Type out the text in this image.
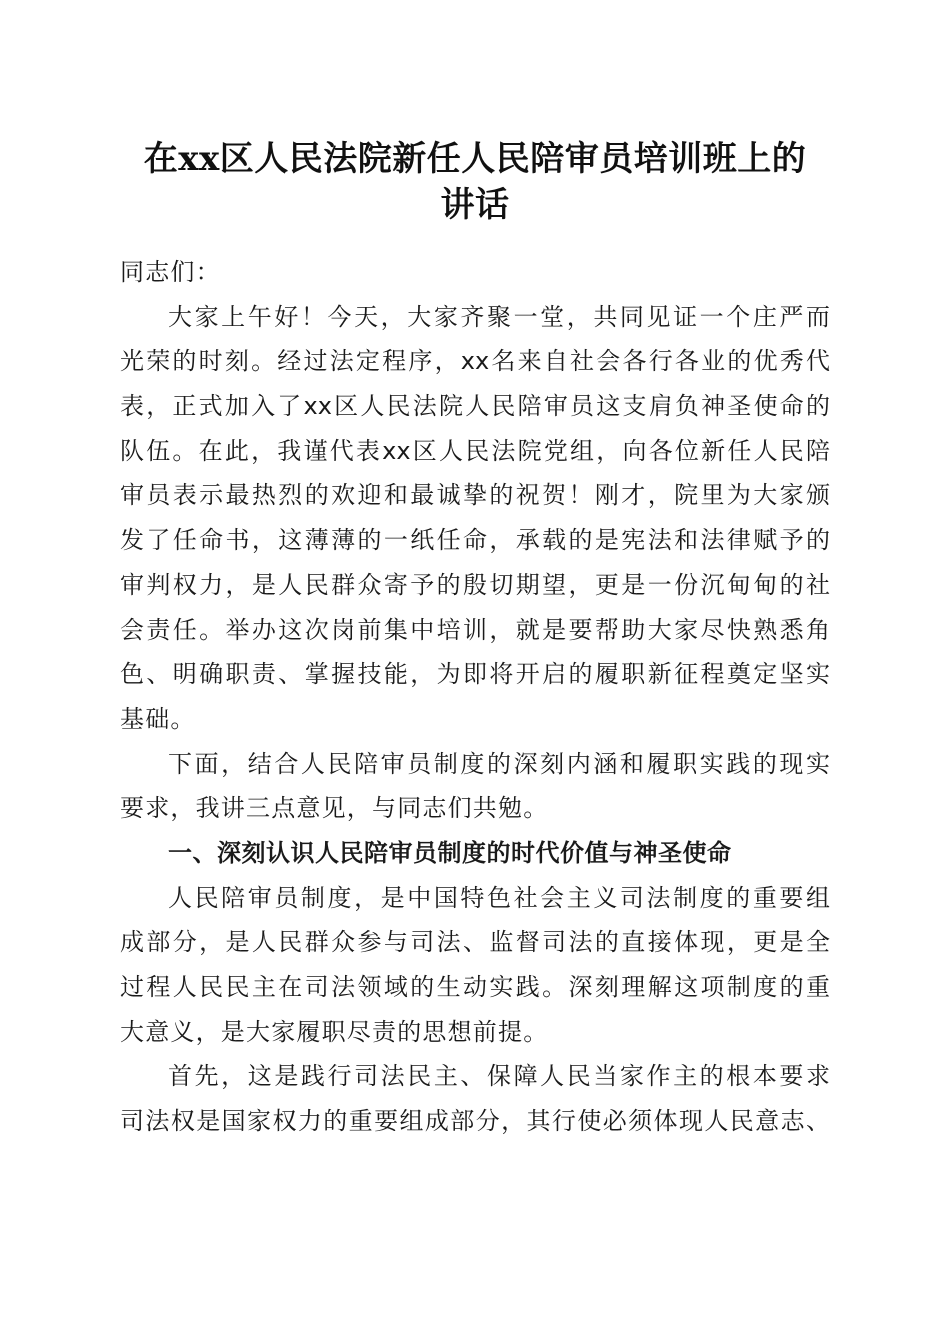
在xx区人民法院新任人民陪审员培训班上的
讲话
同志们：
大家上午好！今天，大家齐聚一堂，共同见证一个庄严而
光荣的时刻。经过法定程序，xx名来自社会各行各业的优秀代
表，正式加入了xx区人民法院人民陪审员这支肩负神圣使命的
队伍。在此，我谨代表xx区人民法院党组，向各位新任人民陪
审员表示最热烈的欢迎和最诚挚的祝贺！刚才，院里为大家颁
发了任命书，这薄薄的一纸任命，承载的是宪法和法律赋予的
审判权力，是人民群众寄予的殷切期望，更是一份沉甸甸的社
会责任。举办这次岗前集中培训，就是要帮助大家尽快熟悉角
色、明确职责、掌握技能，为即将开启的履职新征程奠定坚实
基础。
下面，结合人民陪审员制度的深刻内涵和履职实践的现实
要求，我讲三点意见，与同志们共勉。
一、深刻认识人民陪审员制度的时代价值与神圣使命
人民陪审员制度，是中国特色社会主义司法制度的重要组
成部分，是人民群众参与司法、监督司法的直接体现，更是全
过程人民民主在司法领域的生动实践。深刻理解这项制度的重
大意义，是大家履职尽责的思想前提。
首先，这是践行司法民主、保障人民当家作主的根本要求
司法权是国家权力的重要组成部分，其行使必须体现人民意志、
